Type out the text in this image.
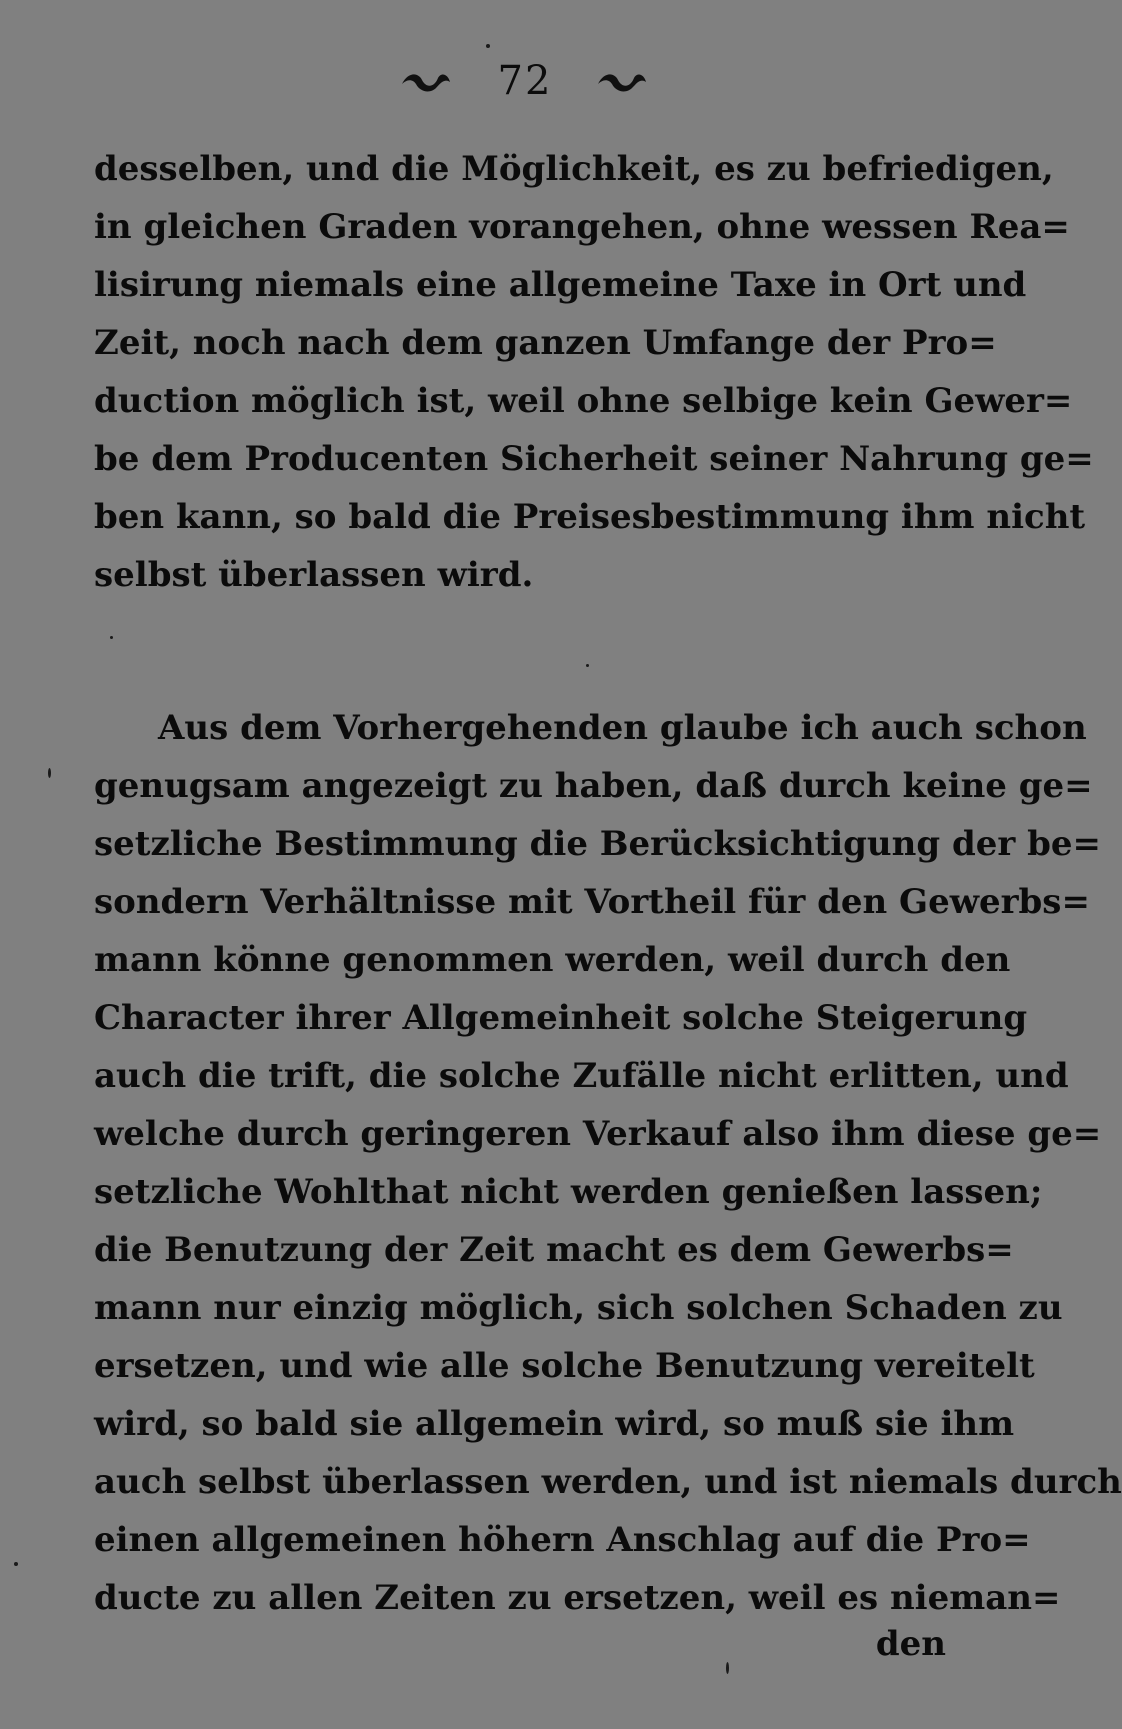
72
desselben, und die Möglichkeit, es zu befriedigen,
in gleichen Graden vorangehen, ohne wessen Rea=
lisirung niemals eine allgemeine Taxe in Ort und
Zeit, noch nach dem ganzen Umfange der Pro=
duction möglich ist, weil ohne selbige kein Gewer=
be dem Producenten Sicherheit seiner Nahrung ge=
ben kann, so bald die Preisesbestimmung ihm nicht
selbst überlassen wird.
Aus dem Vorhergehenden glaube ich auch schon
genugsam angezeigt zu haben, daß durch keine ge=
setzliche Bestimmung die Berücksichtigung der be=
sondern Verhältnisse mit Vortheil für den Gewerbs=
mann könne genommen werden, weil durch den
Character ihrer Allgemeinheit solche Steigerung
auch die trift, die solche Zufälle nicht erlitten, und
welche durch geringeren Verkauf also ihm diese ge=
setzliche Wohlthat nicht werden genießen lassen;
die Benutzung der Zeit macht es dem Gewerbs=
mann nur einzig möglich, sich solchen Schaden zu
ersetzen, und wie alle solche Benutzung vereitelt
wird, so bald sie allgemein wird, so muß sie ihm
auch selbst überlassen werden, und ist niemals durch
einen allgemeinen höhern Anschlag auf die Pro=
ducte zu allen Zeiten zu ersetzen, weil es nieman=
den
